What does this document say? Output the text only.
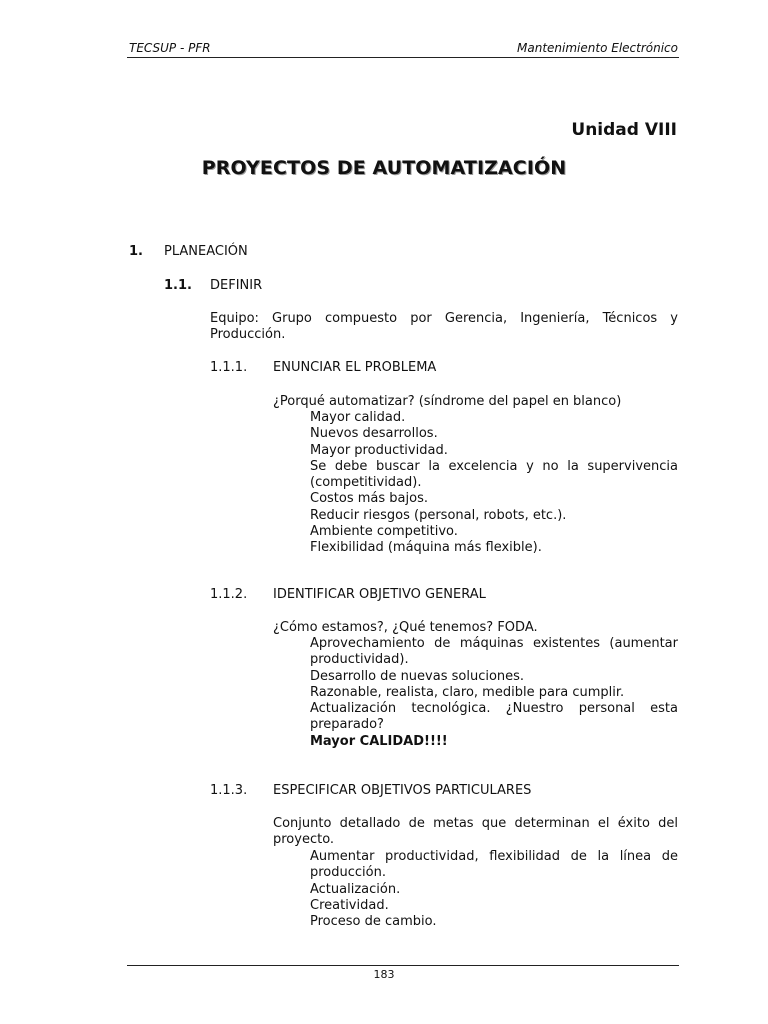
TECSUP - PFR	Mantenimiento Electrónico
Unidad VIII
PROYECTOS DE AUTOMATIZACIÓN
1. PLANEACIÓN
1.1. DEFINIR
Equipo: Grupo compuesto por Gerencia, Ingeniería, Técnicos y Producción.
1.1.1. ENUNCIAR EL PROBLEMA
¿Porqué automatizar? (síndrome del papel en blanco)
Mayor calidad.
Nuevos desarrollos.
Mayor productividad.
Se debe buscar la excelencia y no la supervivencia (competitividad).
Costos más bajos.
Reducir riesgos (personal, robots, etc.).
Ambiente competitivo.
Flexibilidad (máquina más flexible).
1.1.2. IDENTIFICAR OBJETIVO GENERAL
¿Cómo estamos?, ¿Qué tenemos? FODA.
Aprovechamiento de máquinas existentes (aumentar productividad).
Desarrollo de nuevas soluciones.
Razonable, realista, claro, medible para cumplir.
Actualización tecnológica. ¿Nuestro personal esta preparado?
Mayor CALIDAD!!!!
1.1.3. ESPECIFICAR OBJETIVOS PARTICULARES
Conjunto detallado de metas que determinan el éxito del proyecto.
Aumentar productividad, flexibilidad de la línea de producción.
Actualización.
Creatividad.
Proceso de cambio.
183
